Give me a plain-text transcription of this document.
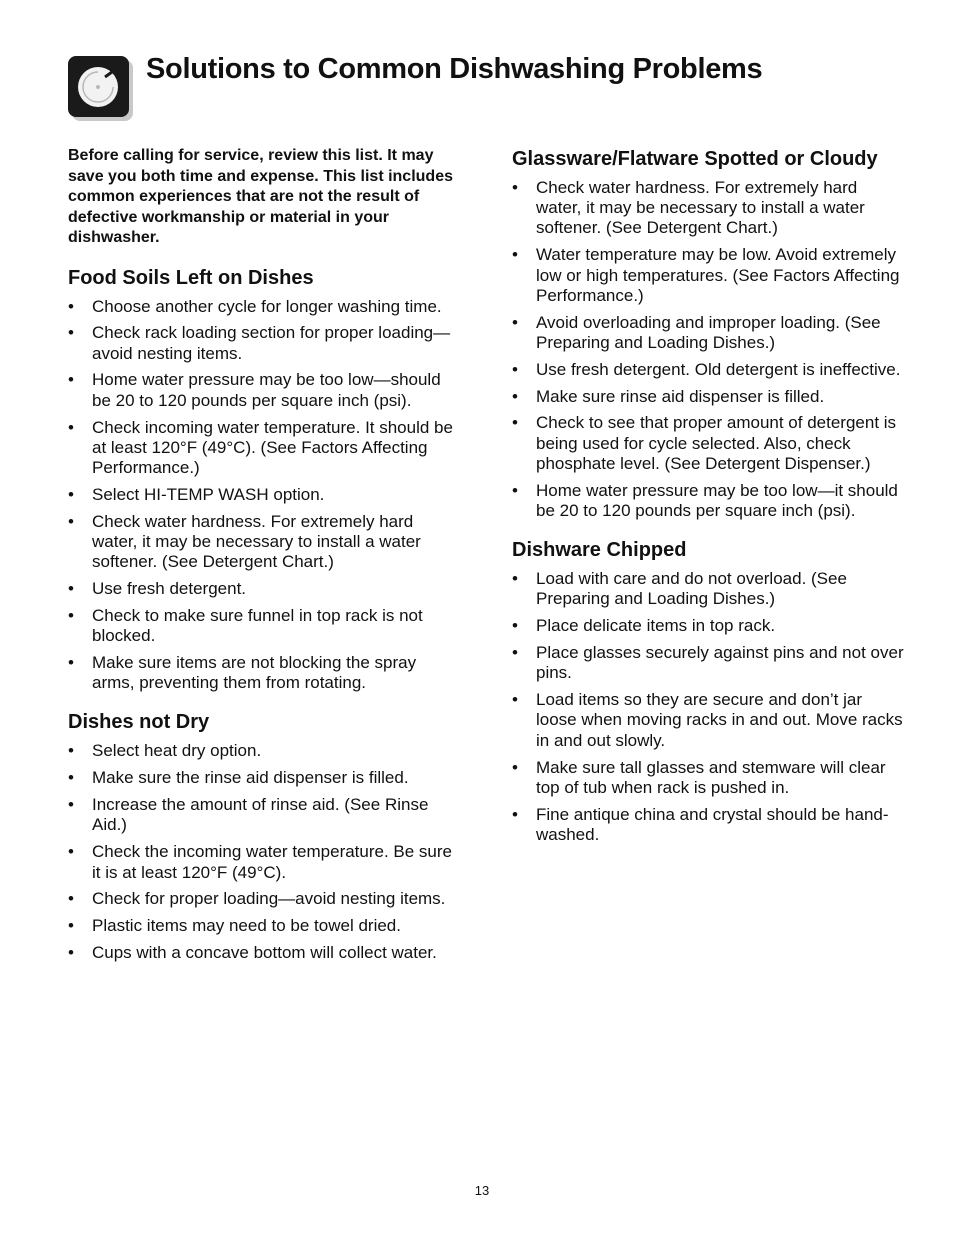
Solutions to Common Dishwashing Problems

Before calling for service, review this list. It may save you both time and expense. This list includes common experiences that are not the result of defective workmanship or material in your dishwasher.

Food Soils Left on Dishes
• Choose another cycle for longer washing time.
• Check rack loading section for proper loading—avoid nesting items.
• Home water pressure may be too low—should be 20 to 120 pounds per square inch (psi).
• Check incoming water temperature. It should be at least 120°F (49°C). (See Factors Affecting Performance.)
• Select HI-TEMP WASH option.
• Check water hardness. For extremely hard water, it may be necessary to install a water softener. (See Detergent Chart.)
• Use fresh detergent.
• Check to make sure funnel in top rack is not blocked.
• Make sure items are not blocking the spray arms, preventing them from rotating.
Dishes not Dry
• Select heat dry option.
• Make sure the rinse aid dispenser is filled.
• Increase the amount of rinse aid. (See Rinse Aid.)
• Check the incoming water temperature. Be sure it is at least 120°F (49°C).
• Check for proper loading—avoid nesting items.
• Plastic items may need to be towel dried.
• Cups with a concave bottom will collect water.
Glassware/Flatware Spotted or Cloudy
• Check water hardness. For extremely hard water, it may be necessary to install a water softener. (See Detergent Chart.)
• Water temperature may be low. Avoid extremely low or high temperatures. (See Factors Affecting Performance.)
• Avoid overloading and improper loading. (See Preparing and Loading Dishes.)
• Use fresh detergent. Old detergent is ineffective.
• Make sure rinse aid dispenser is filled.
• Check to see that proper amount of detergent is being used for cycle selected. Also, check phosphate level. (See Detergent Dispenser.)
• Home water pressure may be too low—it should be 20 to 120 pounds per square inch (psi).
Dishware Chipped
• Load with care and do not overload. (See Preparing and Loading Dishes.)
• Place delicate items in top rack.
• Place glasses securely against pins and not over pins.
• Load items so they are secure and don’t jar loose when moving racks in and out. Move racks in and out slowly.
• Make sure tall glasses and stemware will clear top of tub when rack is pushed in.
• Fine antique china and crystal should be hand-washed.
13
